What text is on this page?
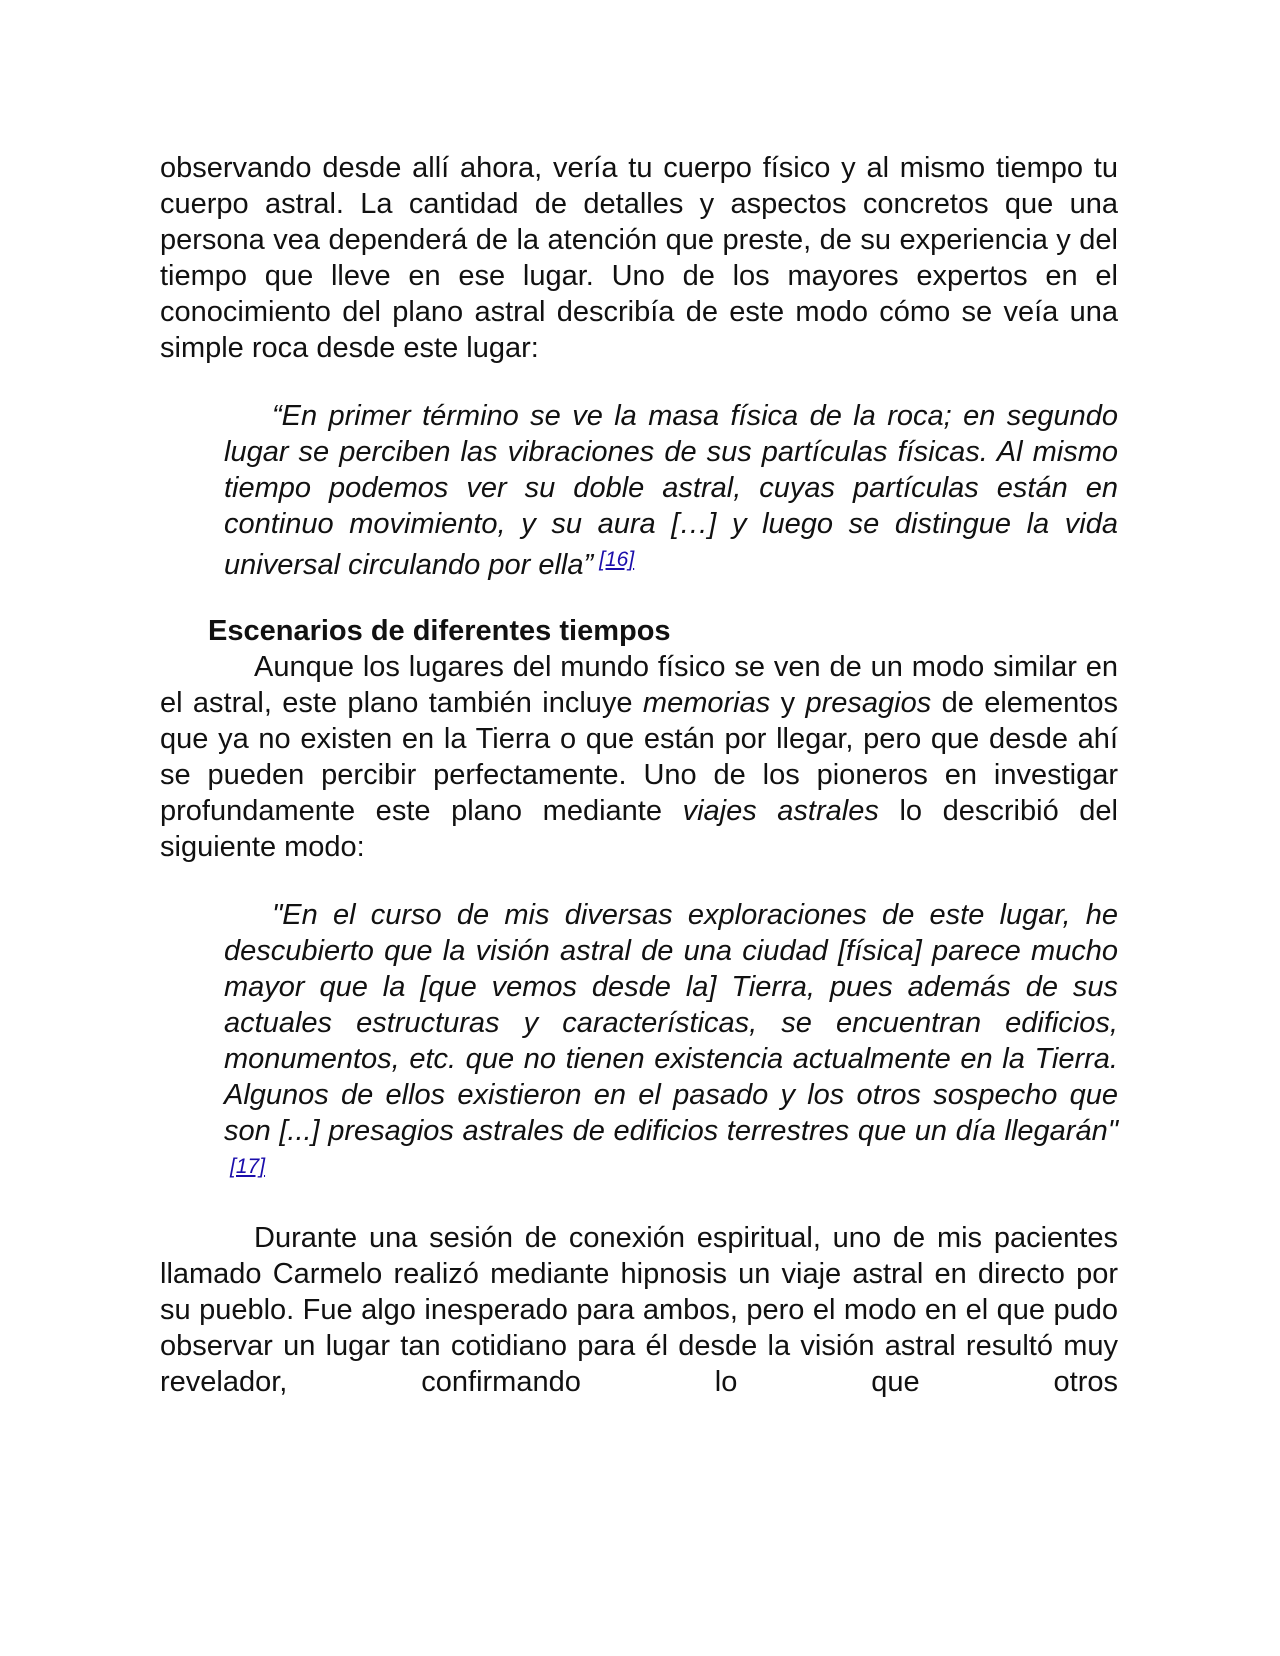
observando desde allí ahora, vería tu cuerpo físico y al mismo tiempo tu cuerpo astral. La cantidad de detalles y aspectos concretos que una persona vea dependerá de la atención que preste, de su experiencia y del tiempo que lleve en ese lugar. Uno de los mayores expertos en el conocimiento del plano astral describía de este modo cómo se veía una simple roca desde este lugar:

“En primer término se ve la masa física de la roca; en segundo lugar se perciben las vibraciones de sus partículas físicas. Al mismo tiempo podemos ver su doble astral, cuyas partículas están en continuo movimiento, y su aura […] y luego se distingue la vida universal circulando por ella” [16]

Escenarios de diferentes tiempos

Aunque los lugares del mundo físico se ven de un modo similar en el astral, este plano también incluye memorias y presagios de elementos que ya no existen en la Tierra o que están por llegar, pero que desde ahí se pueden percibir perfectamente. Uno de los pioneros en investigar profundamente este plano mediante viajes astrales lo describió del siguiente modo:

"En el curso de mis diversas exploraciones de este lugar, he descubierto que la visión astral de una ciudad [física] parece mucho mayor que la [que vemos desde la] Tierra, pues además de sus actuales estructuras y características, se encuentran edificios, monumentos, etc. que no tienen existencia actualmente en la Tierra. Algunos de ellos existieron en el pasado y los otros sospecho que son [...] presagios astrales de edificios terrestres que un día llegarán"[17]

Durante una sesión de conexión espiritual, uno de mis pacientes llamado Carmelo realizó mediante hipnosis un viaje astral en directo por su pueblo. Fue algo inesperado para ambos, pero el modo en el que pudo observar un lugar tan cotidiano para él desde la visión astral resultó muy revelador, confirmando lo que otros
